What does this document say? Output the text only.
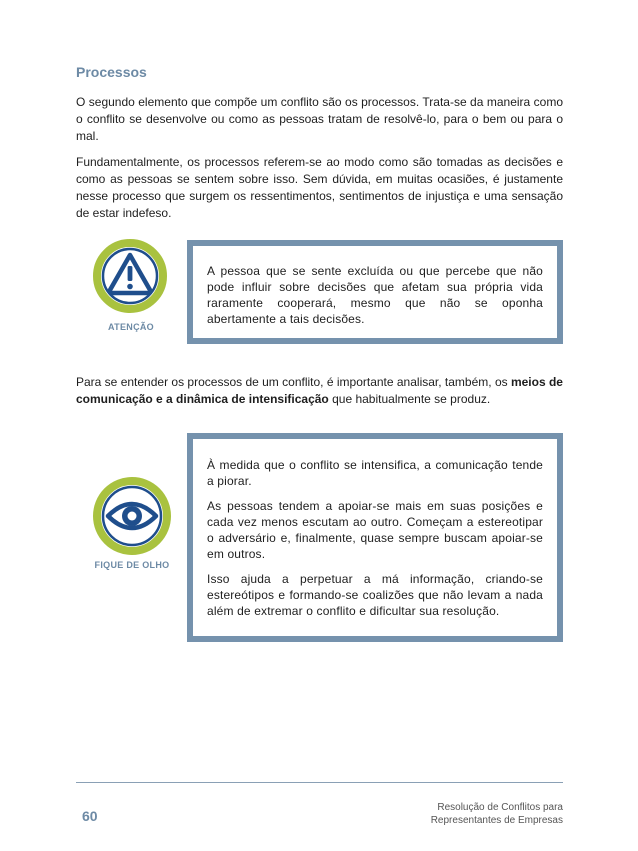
Processos

O segundo elemento que compõe um conflito são os processos. Trata-se da maneira como o conflito se desenvolve ou como as pessoas tratam de resolvê-lo, para o bem ou para o mal.

Fundamentalmente, os processos referem-se ao modo como são tomadas as decisões e como as pessoas se sentem sobre isso. Sem dúvida, em muitas ocasiões, é justamente nesse processo que surgem os ressentimentos, sentimentos de injustiça e uma sensação de estar indefeso.

ATENÇÃO
A pessoa que se sente excluída ou que percebe que não pode influir sobre decisões que afetam sua própria vida raramente cooperará, mesmo que não se oponha abertamente a tais decisões.

Para se entender os processos de um conflito, é importante analisar, também, os meios de comunicação e a dinâmica de intensificação que habitualmente se produz.

FIQUE DE OLHO

À medida que o conflito se intensifica, a comunicação tende a piorar.

As pessoas tendem a apoiar-se mais em suas posições e cada vez menos escutam ao outro. Começam a estereotipar o adversário e, finalmente, quase sempre buscam apoiar-se em outros.

Isso ajuda a perpetuar a má informação, criando-se estereótipos e formando-se coalizões que não levam a nada além de extremar o conflito e dificultar sua resolução.

60
Resolução de Conflitos para
Representantes de Empresas
